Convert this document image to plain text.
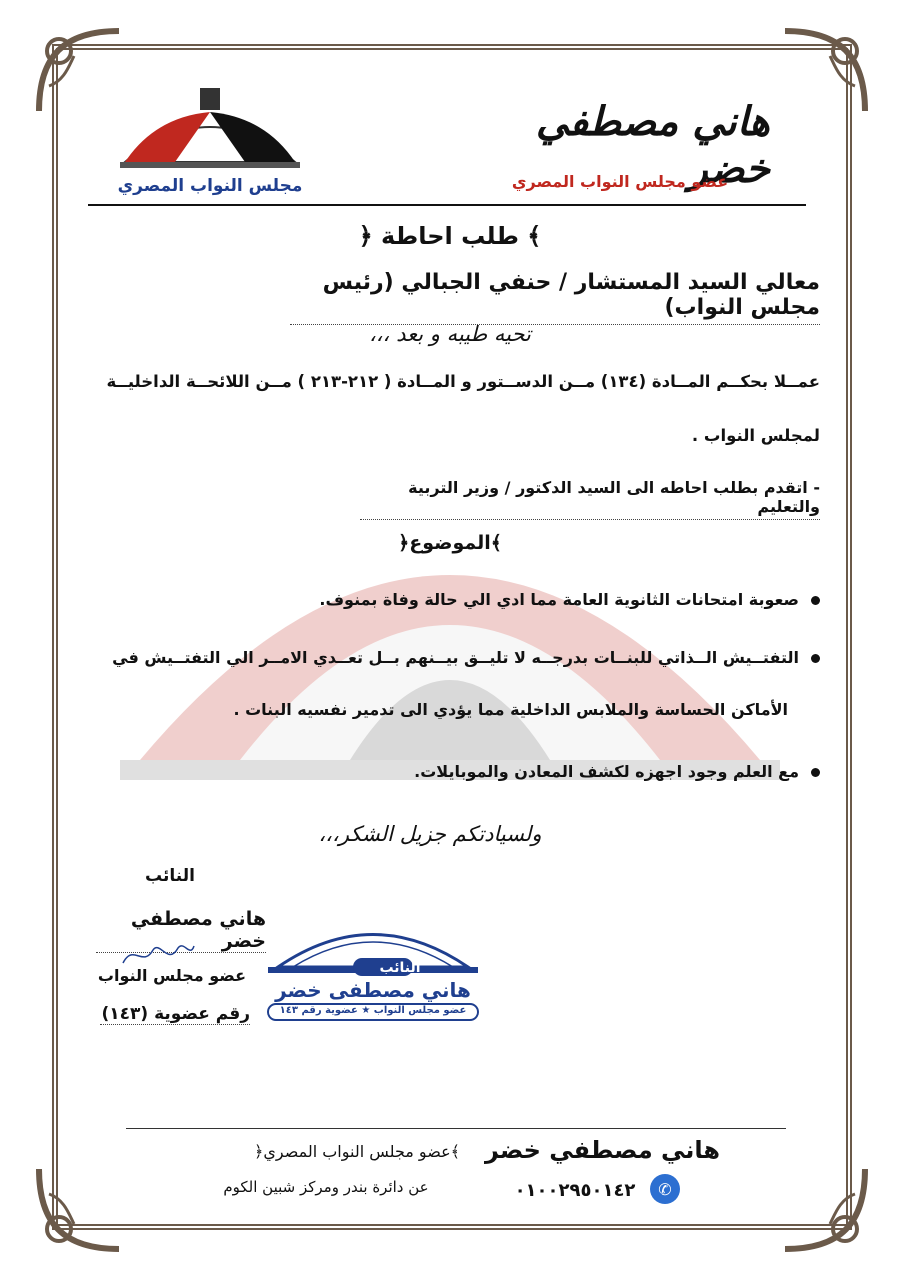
مجلس النواب المصري
هاني مصطفي خضر
عضو مجلس النواب المصري
﴾ طلب احاطة ﴿
معالي السيد المستشار / حنفي الجبالي (رئيس مجلس النواب)
تحيه طيبه و بعد ،،،
عمــلا بحكــم المــادة (١٣٤) مــن الدســتور و المــادة ( ٢١٢-٢١٣ ) مــن اللائحــة الداخليــة
لمجلس النواب .
- اتقدم بطلب احاطه الى السيد الدكتور / وزير التربية والتعليم
﴾الموضوع﴿
صعوبة امتحانات الثانوية العامة مما ادي الي حالة وفاة بمنوف.
التفتــيش الــذاتي للبنــات بدرجــه لا تليــق بيــنهم بــل تعــدي الامــر الي التفتــيش في
الأماكن الحساسة والملابس الداخلية مما يؤدي الى تدمير نفسيه البنات .
مع العلم وجود اجهزه لكشف المعادن والموبايلات.
ولسيادتكم جزيل الشكر،،،
النائب
هاني مصطفي خضر
عضو مجلس النواب
رقم عضوية (١٤٣)
النائب
هاني مصطفى خضر
عضو مجلس النواب ★ عضوية رقم ١٤٣
هاني مصطفي خضر
﴾عضو مجلس النواب المصري﴿
✆
٠١٠٠٢٩٥٠١٤٢
عن دائرة بندر ومركز شبين الكوم
